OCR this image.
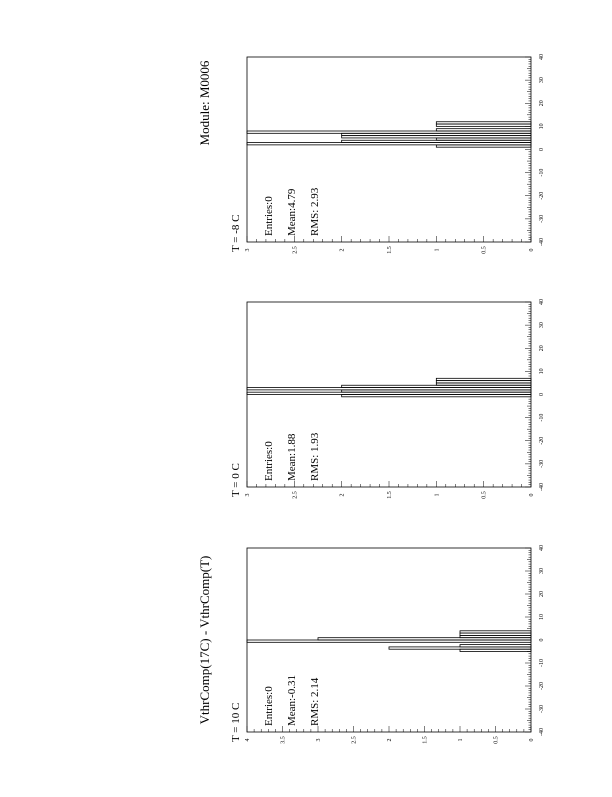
VthrComp(17C) - VthrComp(T)
Module: M0006
-40
-30
-20
-10
0
10
20
30
40
0
0.5
1
1.5
2
2.5
3
3.5
4
T = 10 C Entries:0 Mean:-0.31 RMS: 2.14
-40
-30
-20
-10
0
10
20
30
40
0
0.5
1
1.5
2
2.5
3
T = 0 C Entries:0 Mean:1.88 RMS: 1.93
-40
-30
-20
-10
0
10
20
30
40
0
0.5
1
1.5
2
2.5
3
T = -8 C Entries:0 Mean:4.79 RMS: 2.93
